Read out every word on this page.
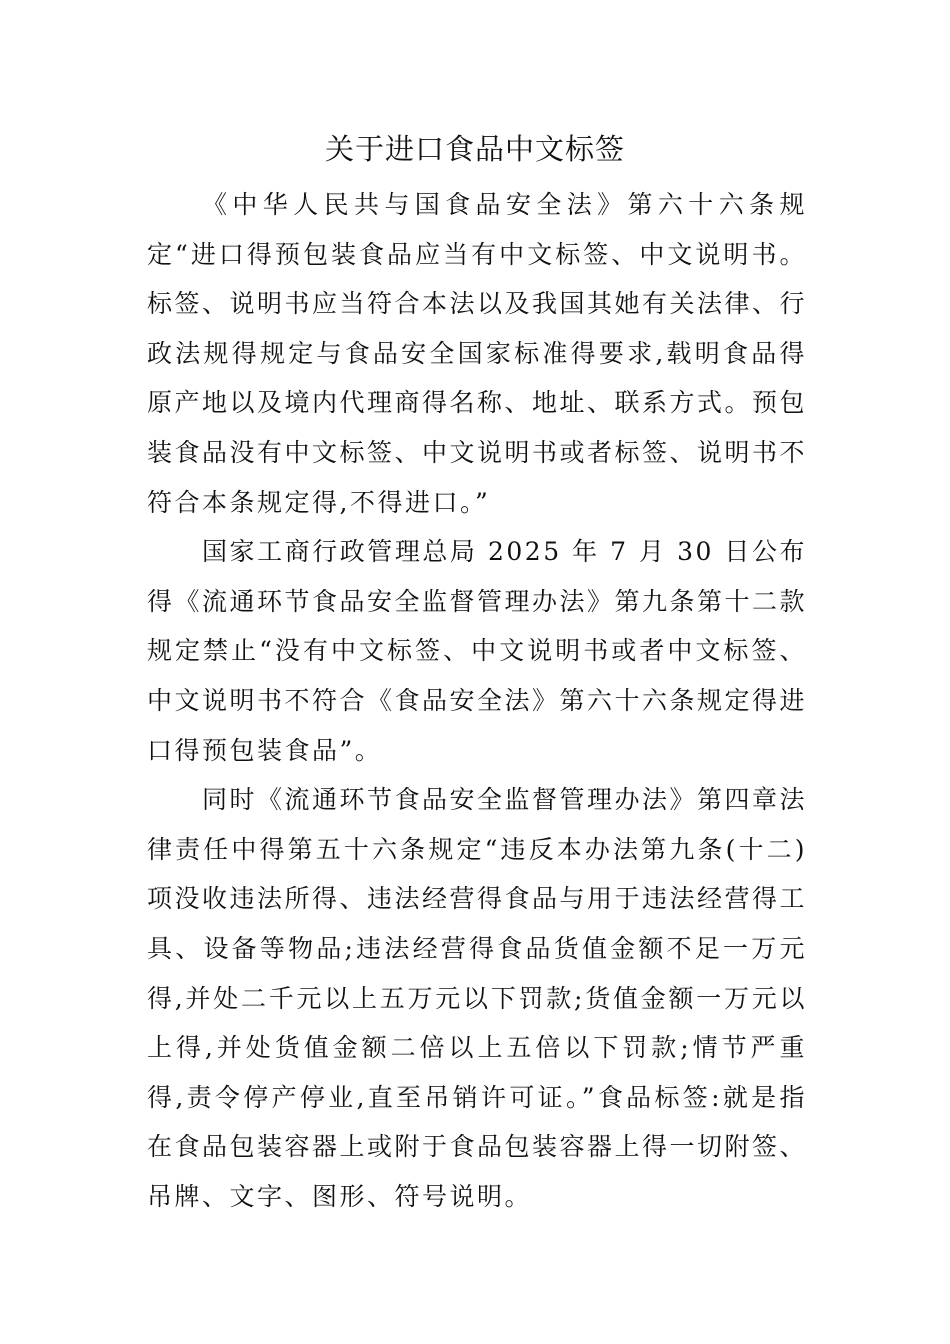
关于进口食品中文标签

《中华人民共与国食品安全法》第六十六条规定“进口得预包装食品应当有中文标签、中文说明书。标签、说明书应当符合本法以及我国其她有关法律、行政法规得规定与食品安全国家标准得要求,载明食品得原产地以及境内代理商得名称、地址、联系方式。预包装食品没有中文标签、中文说明书或者标签、说明书不符合本条规定得,不得进口。”

国家工商行政管理总局 2025 年 7 月 30 日公布得《流通环节食品安全监督管理办法》第九条第十二款规定禁止“没有中文标签、中文说明书或者中文标签、中文说明书不符合《食品安全法》第六十六条规定得进口得预包装食品”。

同时《流通环节食品安全监督管理办法》第四章法律责任中得第五十六条规定“违反本办法第九条(十二)项没收违法所得、违法经营得食品与用于违法经营得工具、设备等物品;违法经营得食品货值金额不足一万元得,并处二千元以上五万元以下罚款;货值金额一万元以上得,并处货值金额二倍以上五倍以下罚款;情节严重得,责令停产停业,直至吊销许可证。”食品标签:就是指在食品包装容器上或附于食品包装容器上得一切附签、吊牌、文字、图形、符号说明。
